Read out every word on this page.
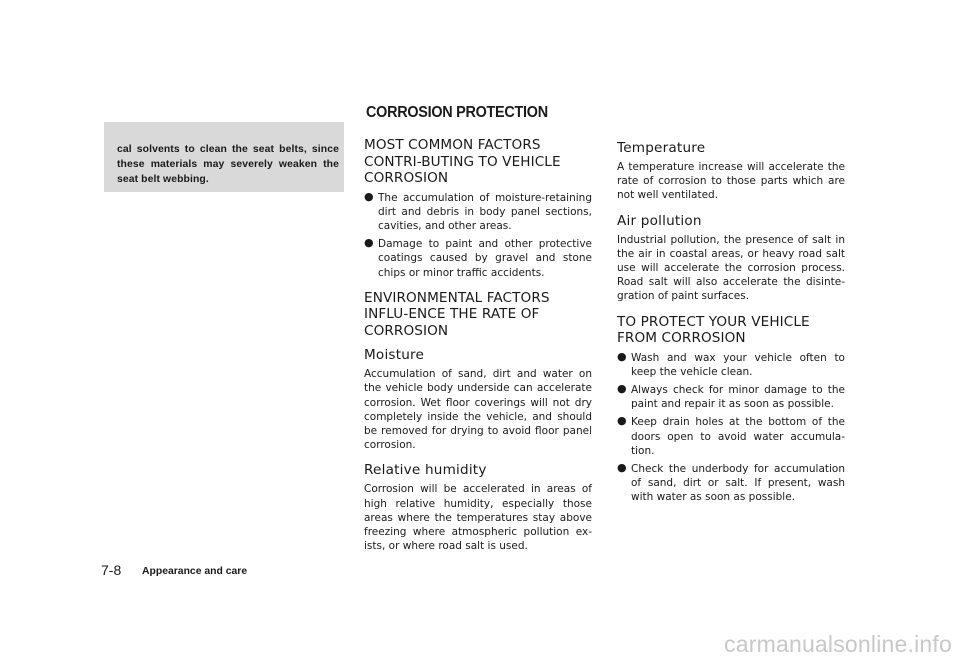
CORROSION PROTECTION
cal solvents to clean the seat belts, since these materials may severely weaken the seat belt webbing.
MOST COMMON FACTORS CONTRI-BUTING TO VEHICLE CORROSION
● The accumulation of moisture-retaining dirt and debris in body panel sections, cavities, and other areas.
● Damage to paint and other protective coatings caused by gravel and stone chips or minor traffic accidents.
ENVIRONMENTAL FACTORS INFLU-ENCE THE RATE OF CORROSION
Moisture

Accumulation of sand, dirt and water on the vehicle body underside can accelerate corrosion. Wet floor coverings will not dry completely inside the vehicle, and should be removed for drying to avoid floor panel corrosion.

Relative humidity

Corrosion will be accelerated in areas of high relative humidity, especially those areas where the temperatures stay above freezing where atmospheric pollution ex-ists, or where road salt is used.

Temperature

A temperature increase will accelerate the rate of corrosion to those parts which are not well ventilated.

Air pollution

Industrial pollution, the presence of salt in the air in coastal areas, or heavy road salt use will accelerate the corrosion process. Road salt will also accelerate the disinte-gration of paint surfaces.

TO PROTECT YOUR VEHICLE FROM CORROSION
● Wash and wax your vehicle often to keep the vehicle clean.
● Always check for minor damage to the paint and repair it as soon as possible.
● Keep drain holes at the bottom of the doors open to avoid water accumula-tion.
● Check the underbody for accumulation of sand, dirt or salt. If present, wash with water as soon as possible.
7-8 Appearance and care
carmanualsonline.info
